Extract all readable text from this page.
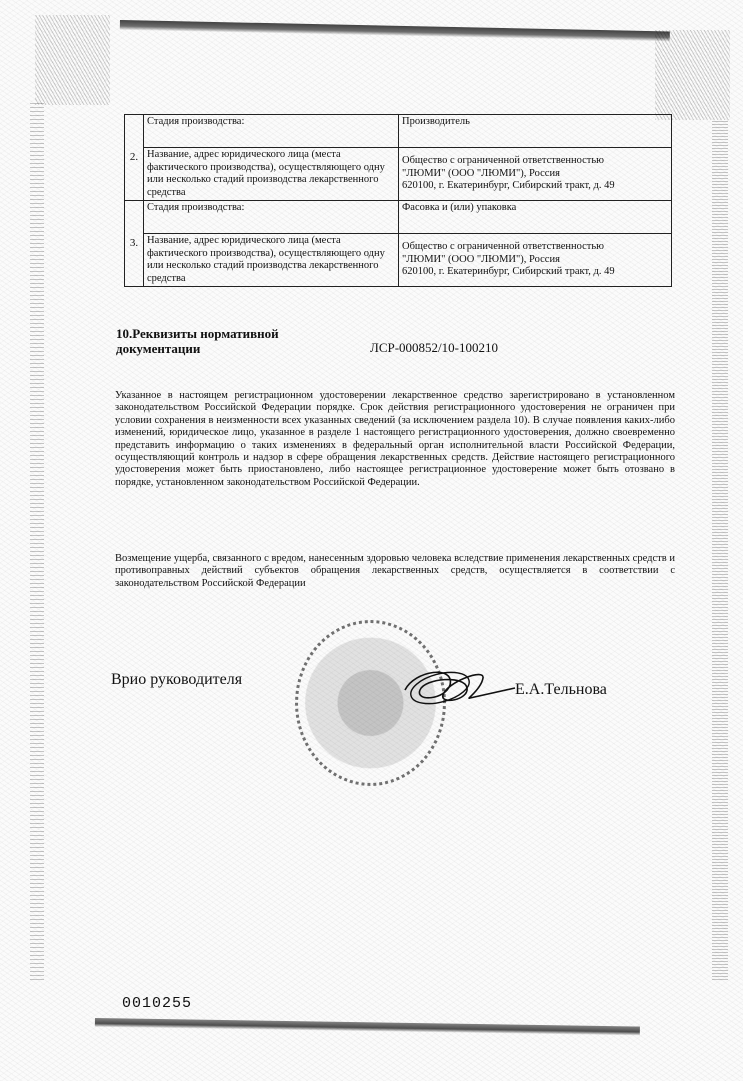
2.	Стадия производства:	Производитель
	Название, адрес юридического лица (места фактического производства), осуществляющего одну или несколько стадий производства лекарственного средства	Общество с ограниченной ответственностью
"ЛЮМИ" (ООО "ЛЮМИ"), Россия
620100, г. Екатеринбург, Сибирский тракт, д. 49

3.	Стадия производства:	Фасовка и (или) упаковка
	Название, адрес юридического лица (места фактического производства), осуществляющего одну или несколько стадий производства лекарственного средства	Общество с ограниченной ответственностью
"ЛЮМИ" (ООО "ЛЮМИ"), Россия
620100, г. Екатеринбург, Сибирский тракт, д. 49
10.Реквизиты нормативной
документации	ЛСР-000852/10-100210
Указанное в настоящем регистрационном удостоверении лекарственное средство зарегистрировано в установленном законодательством Российской Федерации порядке. Срок действия регистрационного удостоверения не ограничен при условии сохранения в неизменности всех указанных сведений (за исключением раздела 10). В случае появления каких-либо изменений, юридическое лицо, указанное в разделе 1 настоящего регистрационного удостоверения, должно своевременно представить информацию о таких изменениях в федеральный орган исполнительной власти Российской Федерации, осуществляющий контроль и надзор в сфере обращения лекарственных средств. Действие настоящего регистрационного удостоверения может быть приостановлено, либо настоящее регистрационное удостоверение может быть отозвано в порядке, установленном законодательством Российской Федерации.
Возмещение ущерба, связанного с вредом, нанесенным здоровью человека вследствие применения лекарственных средств и противоправных действий субъектов обращения лекарственных средств, осуществляется в соответствии с законодательством Российской Федерации
Врио руководителя
Е.А.Тельнова
0010255
